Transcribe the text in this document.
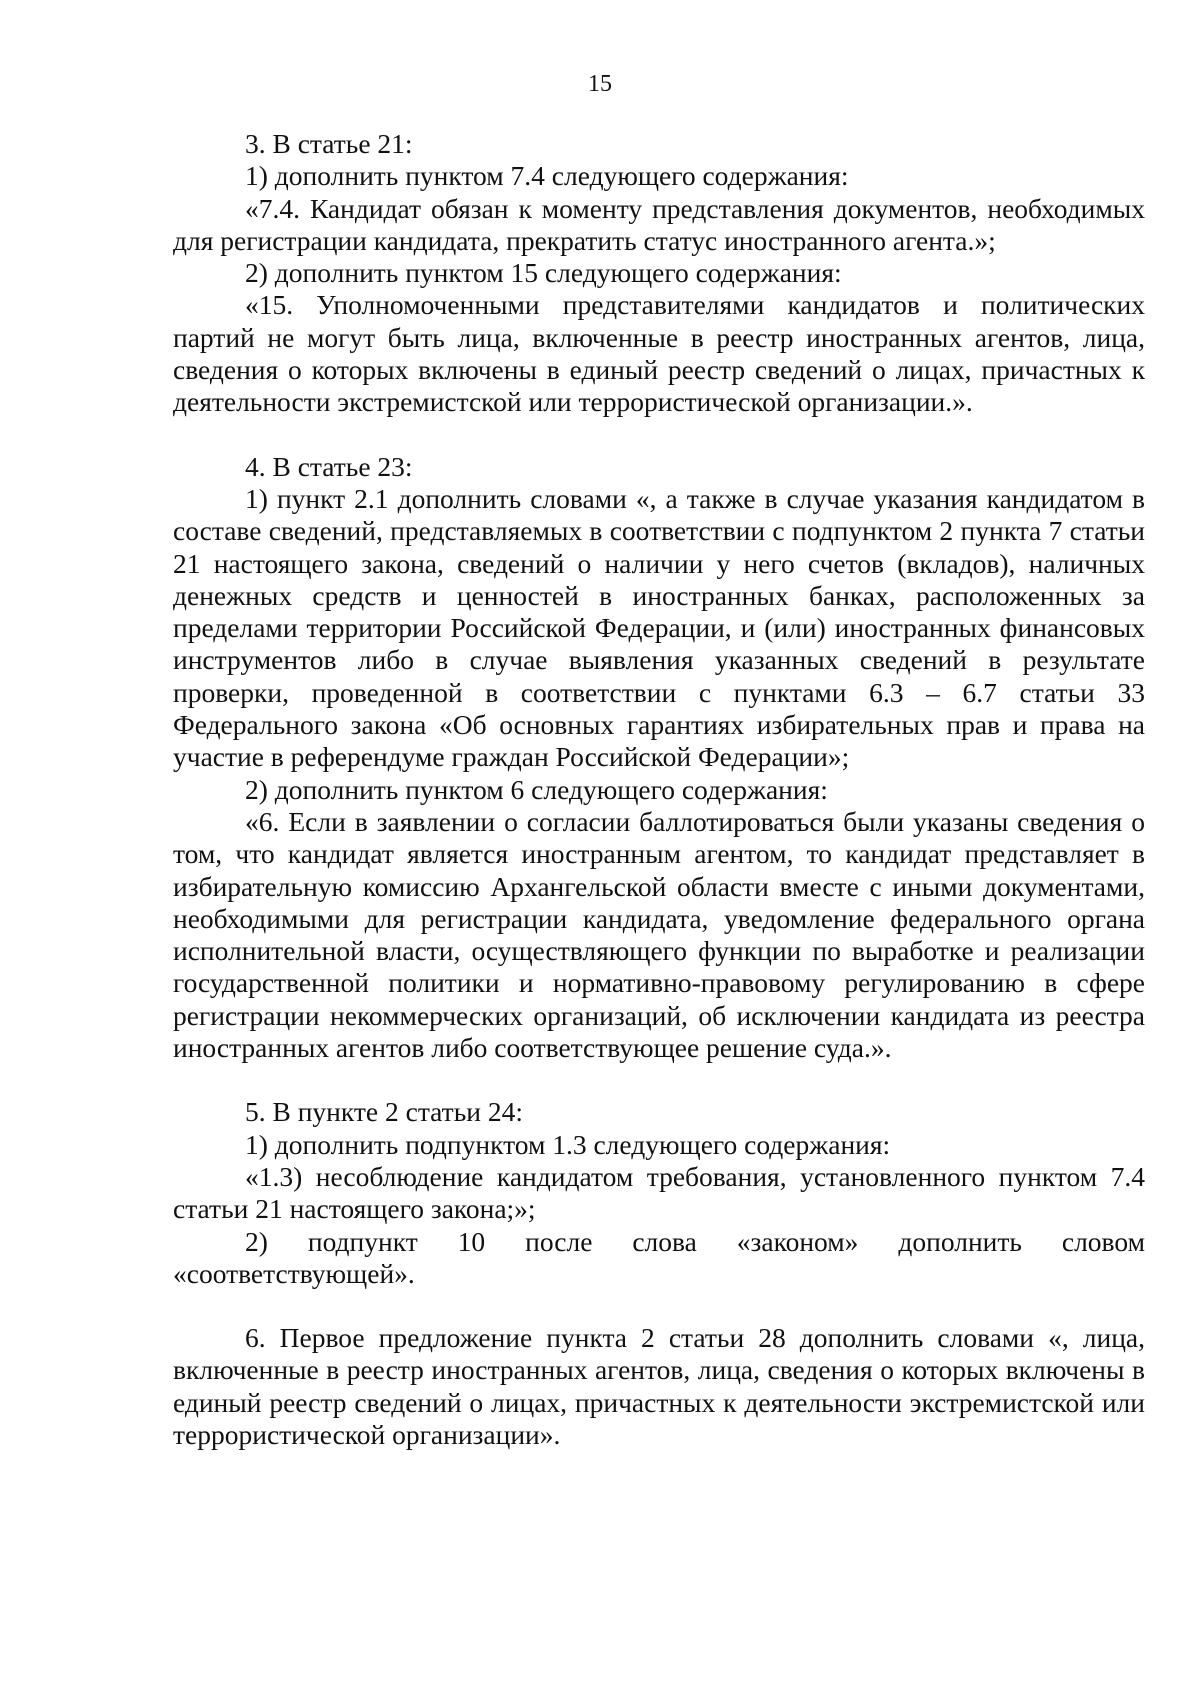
15

3. В статье 21:

1) дополнить пунктом 7.4 следующего содержания:

«7.4. Кандидат обязан к моменту представления документов, необходимых для регистрации кандидата, прекратить статус иностранного агента.»;

2) дополнить пунктом 15 следующего содержания:

«15. Уполномоченными представителями кандидатов и политических партий не могут быть лица, включенные в реестр иностранных агентов, лица, сведения о которых включены в единый реестр сведений о лицах, причастных к деятельности экстремистской или террористической организации.».

4. В статье 23:

1) пункт 2.1 дополнить словами «, а также в случае указания кандидатом в составе сведений, представляемых в соответствии с подпунктом 2 пункта 7 статьи 21 настоящего закона, сведений о наличии у него счетов (вкладов), наличных денежных средств и ценностей в иностранных банках, расположенных за пределами территории Российской Федерации, и (или) иностранных финансовых инструментов либо в случае выявления указанных сведений в результате проверки, проведенной в соответствии с пунктами 6.3 – 6.7 статьи 33 Федерального закона «Об основных гарантиях избирательных прав и права на участие в референдуме граждан Российской Федерации»;

2) дополнить пунктом 6 следующего содержания:

«6. Если в заявлении о согласии баллотироваться были указаны сведения о том, что кандидат является иностранным агентом, то кандидат представляет в избирательную комиссию Архангельской области вместе с иными документами, необходимыми для регистрации кандидата, уведомление федерального органа исполнительной власти, осуществляющего функции по выработке и реализации государственной политики и нормативно-правовому регулированию в сфере регистрации некоммерческих организаций, об исключении кандидата из реестра иностранных агентов либо соответствующее решение суда.».

5. В пункте 2 статьи 24:

1) дополнить подпунктом 1.3 следующего содержания:

«1.3) несоблюдение кандидатом требования, установленного пунктом 7.4 статьи 21 настоящего закона;»;

2) подпункт 10 после слова «законом» дополнить словом «соответствующей».

6. Первое предложение пункта 2 статьи 28 дополнить словами «, лица, включенные в реестр иностранных агентов, лица, сведения о которых включены в единый реестр сведений о лицах, причастных к деятельности экстремистской или террористической организации».
